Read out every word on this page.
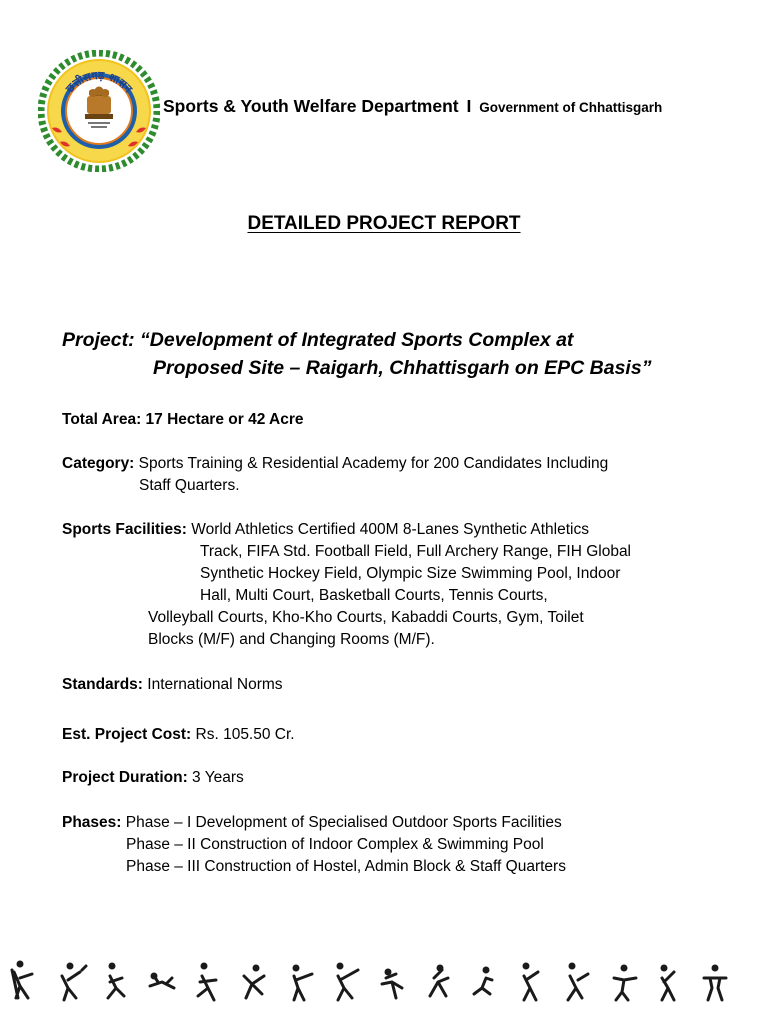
छत्तीसगढ़ शासन
Sports & Youth Welfare Department I Government of Chhattisgarh
DETAILED PROJECT REPORT
Project: “Development of Integrated Sports Complex at
Proposed Site – Raigarh, Chhattisgarh on EPC Basis”
Total Area: 17 Hectare or 42 Acre
Category: Sports Training & Residential Academy for 200 Candidates Including
Staff Quarters.
Sports Facilities: World Athletics Certified 400M 8-Lanes Synthetic Athletics
Track, FIFA Std. Football Field, Full Archery Range, FIH Global
Synthetic Hockey Field, Olympic Size Swimming Pool, Indoor
Hall, Multi Court, Basketball Courts, Tennis Courts,
Volleyball Courts, Kho-Kho Courts, Kabaddi Courts, Gym, Toilet
Blocks (M/F) and Changing Rooms (M/F).
Standards: International Norms
Est. Project Cost: Rs. 105.50 Cr.
Project Duration: 3 Years
Phases: Phase – I Development of Specialised Outdoor Sports Facilities
Phase – II Construction of Indoor Complex & Swimming Pool
Phase – III Construction of Hostel, Admin Block & Staff Quarters
